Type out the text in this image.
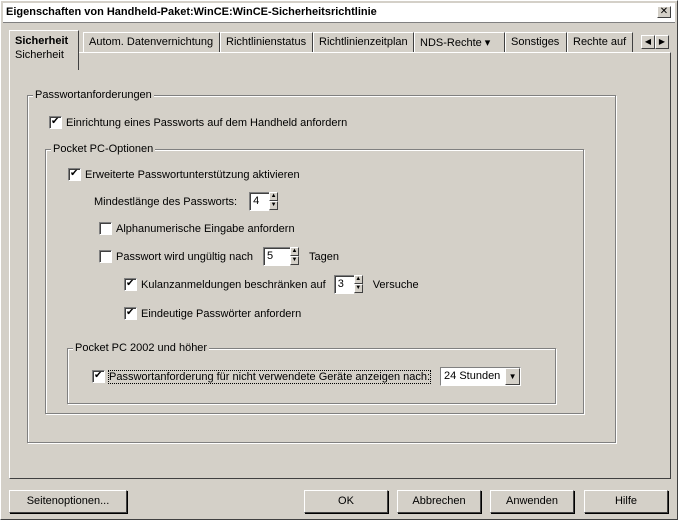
Eigenschaften von Handheld-Paket:WinCE:WinCE-Sicherheitsrichtlinie	✕
Sicherheit
Sicherheit
Autom. Datenvernichtung	Richtlinienstatus	Richtlinienzeitplan	NDS-Rechte ▾	Sonstiges	Rechte auf	◀ ▶
Passwortanforderungen
✔
Einrichtung eines Passworts auf dem Handheld anfordern
Pocket PC-Optionen
✔
Erweiterte Passwortunterstützung aktivieren
Mindestlänge des Passworts:	4	▲
▼
Alphanumerische Eingabe anfordern
Passwort wird ungültig nach	5	▲
▼ Tagen
✔
Kulanzanmeldungen beschränken auf	3	▲
▼ Versuche
✔
Eindeutige Passwörter anfordern
Pocket PC 2002 und höher
✔
Passwortanforderung für nicht verwendete Geräte anzeigen nach: 24 Stunden	▼
Seitenoptionen...	OK	Abbrechen	Anwenden	Hilfe
